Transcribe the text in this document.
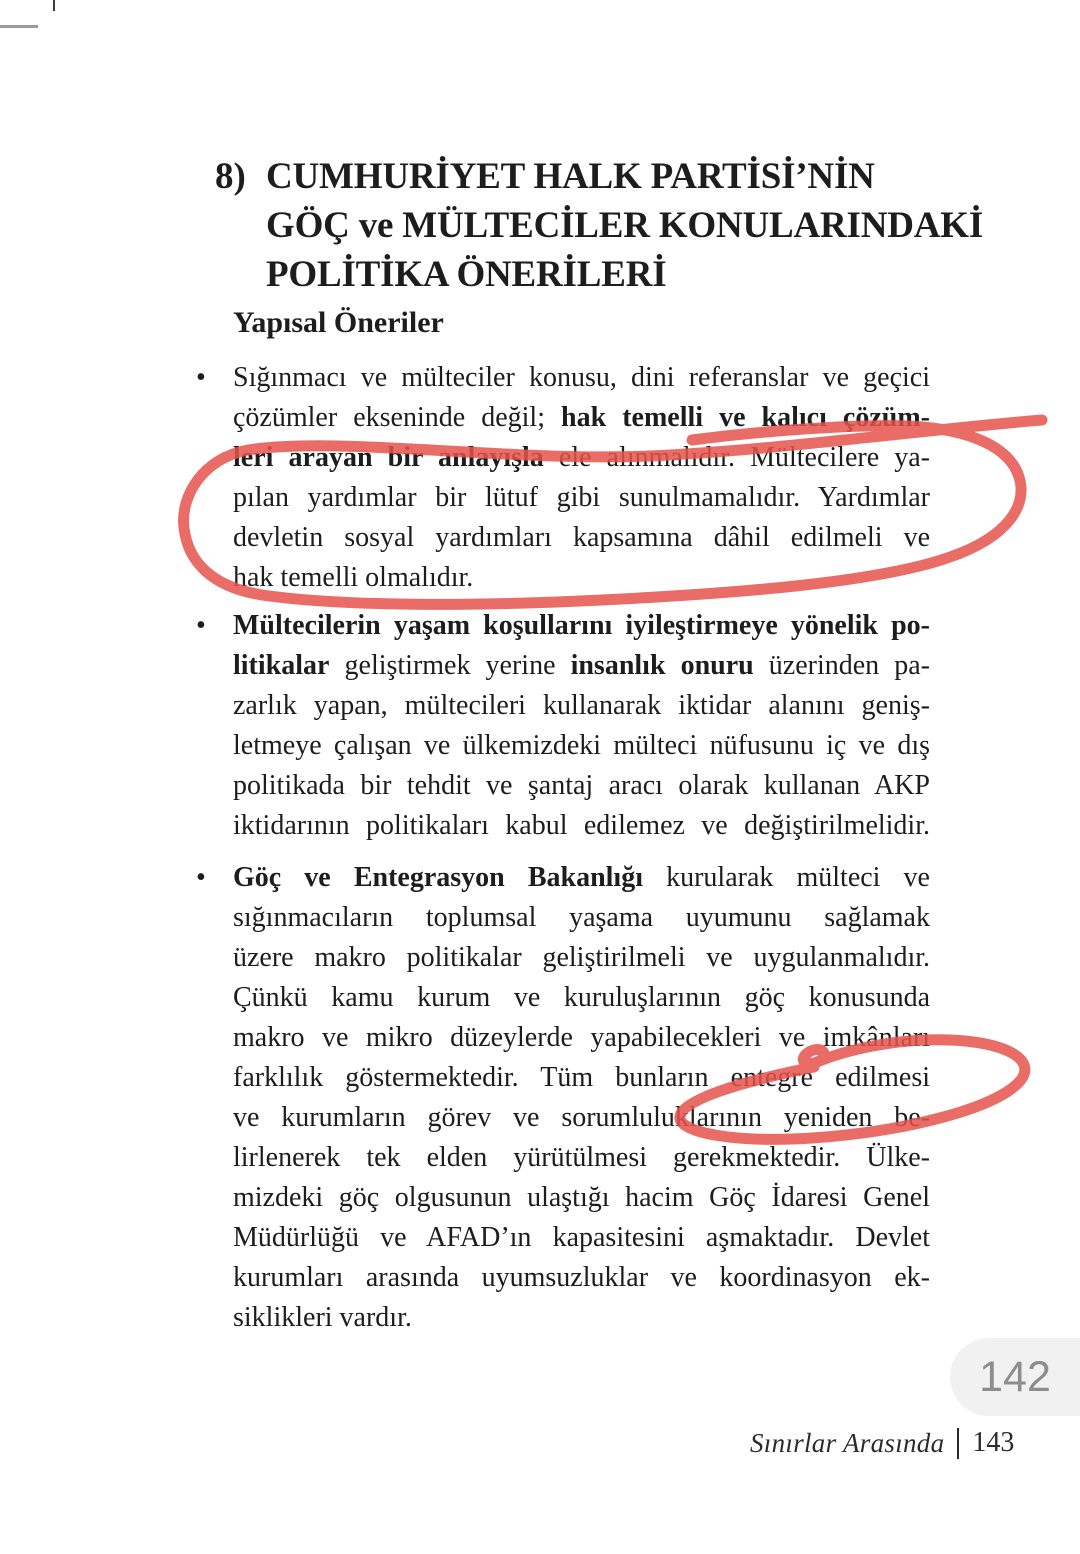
8) CUMHURİYET HALK PARTİSİ’NİN
GÖÇ ve MÜLTECİLER KONULARINDAKİ
POLİTİKA ÖNERİLERİ
Yapısal Öneriler
• Sığınmacı ve mülteciler konusu, dini referanslar ve geçici
çözümler ekseninde değil; hak temelli ve kalıcı çözüm-
leri arayan bir anlayışla ele alınmalıdır. Mültecilere ya-
pılan yardımlar bir lütuf gibi sunulmamalıdır. Yardımlar
devletin sosyal yardımları kapsamına dâhil edilmeli ve
hak temelli olmalıdır.
• Mültecilerin yaşam koşullarını iyileştirmeye yönelik po-
litikalar geliştirmek yerine insanlık onuru üzerinden pa-
zarlık yapan, mültecileri kullanarak iktidar alanını geniş-
letmeye çalışan ve ülkemizdeki mülteci nüfusunu iç ve dış
politikada bir tehdit ve şantaj aracı olarak kullanan AKP
iktidarının politikaları kabul edilemez ve değiştirilmelidir.
• Göç ve Entegrasyon Bakanlığı kurularak mülteci ve
sığınmacıların toplumsal yaşama uyumunu sağlamak
üzere makro politikalar geliştirilmeli ve uygulanmalıdır.
Çünkü kamu kurum ve kuruluşlarının göç konusunda
makro ve mikro düzeylerde yapabilecekleri ve imkânları
farklılık göstermektedir. Tüm bunların entegre edilmesi
ve kurumların görev ve sorumluluklarının yeniden be-
lirlenerek tek elden yürütülmesi gerekmektedir. Ülke-
mizdeki göç olgusunun ulaştığı hacim Göç İdaresi Genel
Müdürlüğü ve AFAD’ın kapasitesini aşmaktadır. Devlet
kurumları arasında uyumsuzluklar ve koordinasyon ek-
siklikleri vardır.
142
Sınırlar Arasında 143
